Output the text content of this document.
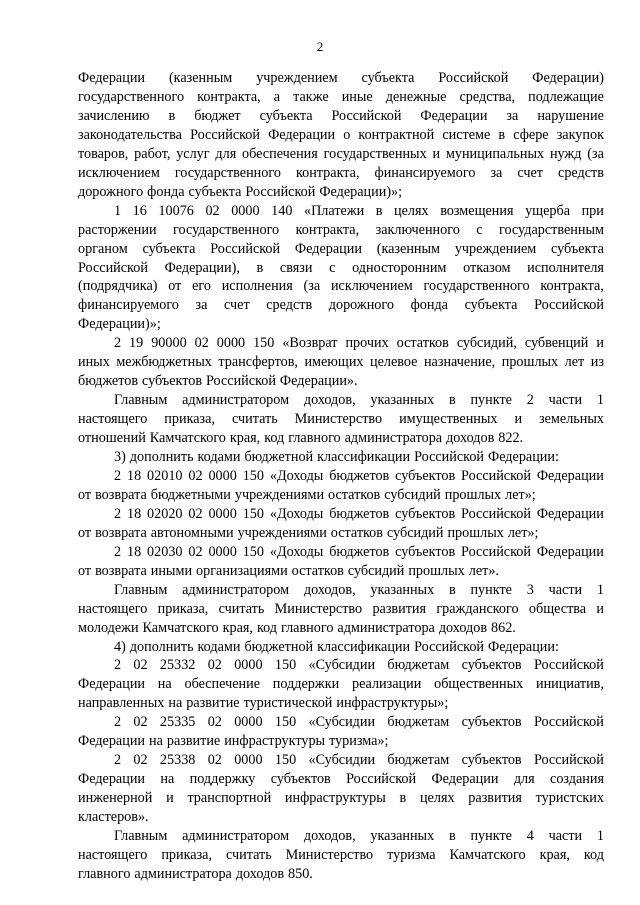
2
Федерации (казенным учреждением субъекта Российской Федерации)
государственного контракта, а также иные денежные средства, подлежащие
зачислению в бюджет субъекта Российской Федерации за нарушение
законодательства Российской Федерации о контрактной системе в сфере закупок
товаров, работ, услуг для обеспечения государственных и муниципальных нужд (за
исключением государственного контракта, финансируемого за счет средств
дорожного фонда субъекта Российской Федерации)»;
1 16 10076 02 0000 140 «Платежи в целях возмещения ущерба при
расторжении государственного контракта, заключенного с государственным
органом субъекта Российской Федерации (казенным учреждением субъекта
Российской Федерации), в связи с односторонним отказом исполнителя
(подрядчика) от его исполнения (за исключением государственного контракта,
финансируемого за счет средств дорожного фонда субъекта Российской
Федерации)»;
2 19 90000 02 0000 150 «Возврат прочих остатков субсидий, субвенций и
иных межбюджетных трансфертов, имеющих целевое назначение, прошлых лет из
бюджетов субъектов Российской Федерации».
Главным администратором доходов, указанных в пункте 2 части 1
настоящего приказа, считать Министерство имущественных и земельных
отношений Камчатского края, код главного администратора доходов 822.
3) дополнить кодами бюджетной классификации Российской Федерации:
2 18 02010 02 0000 150 «Доходы бюджетов субъектов Российской Федерации
от возврата бюджетными учреждениями остатков субсидий прошлых лет»;
2 18 02020 02 0000 150 «Доходы бюджетов субъектов Российской Федерации
от возврата автономными учреждениями остатков субсидий прошлых лет»;
2 18 02030 02 0000 150 «Доходы бюджетов субъектов Российской Федерации
от возврата иными организациями остатков субсидий прошлых лет».
Главным администратором доходов, указанных в пункте 3 части 1
настоящего приказа, считать Министерство развития гражданского общества и
молодежи Камчатского края, код главного администратора доходов 862.
4) дополнить кодами бюджетной классификации Российской Федерации:
2 02 25332 02 0000 150 «Субсидии бюджетам субъектов Российской
Федерации на обеспечение поддержки реализации общественных инициатив,
направленных на развитие туристической инфраструктуры»;
2 02 25335 02 0000 150 «Субсидии бюджетам субъектов Российской
Федерации на развитие инфраструктуры туризма»;
2 02 25338 02 0000 150 «Субсидии бюджетам субъектов Российской
Федерации на поддержку субъектов Российской Федерации для создания
инженерной и транспортной инфраструктуры в целях развития туристских
кластеров».
Главным администратором доходов, указанных в пункте 4 части 1
настоящего приказа, считать Министерство туризма Камчатского края, код
главного администратора доходов 850.
